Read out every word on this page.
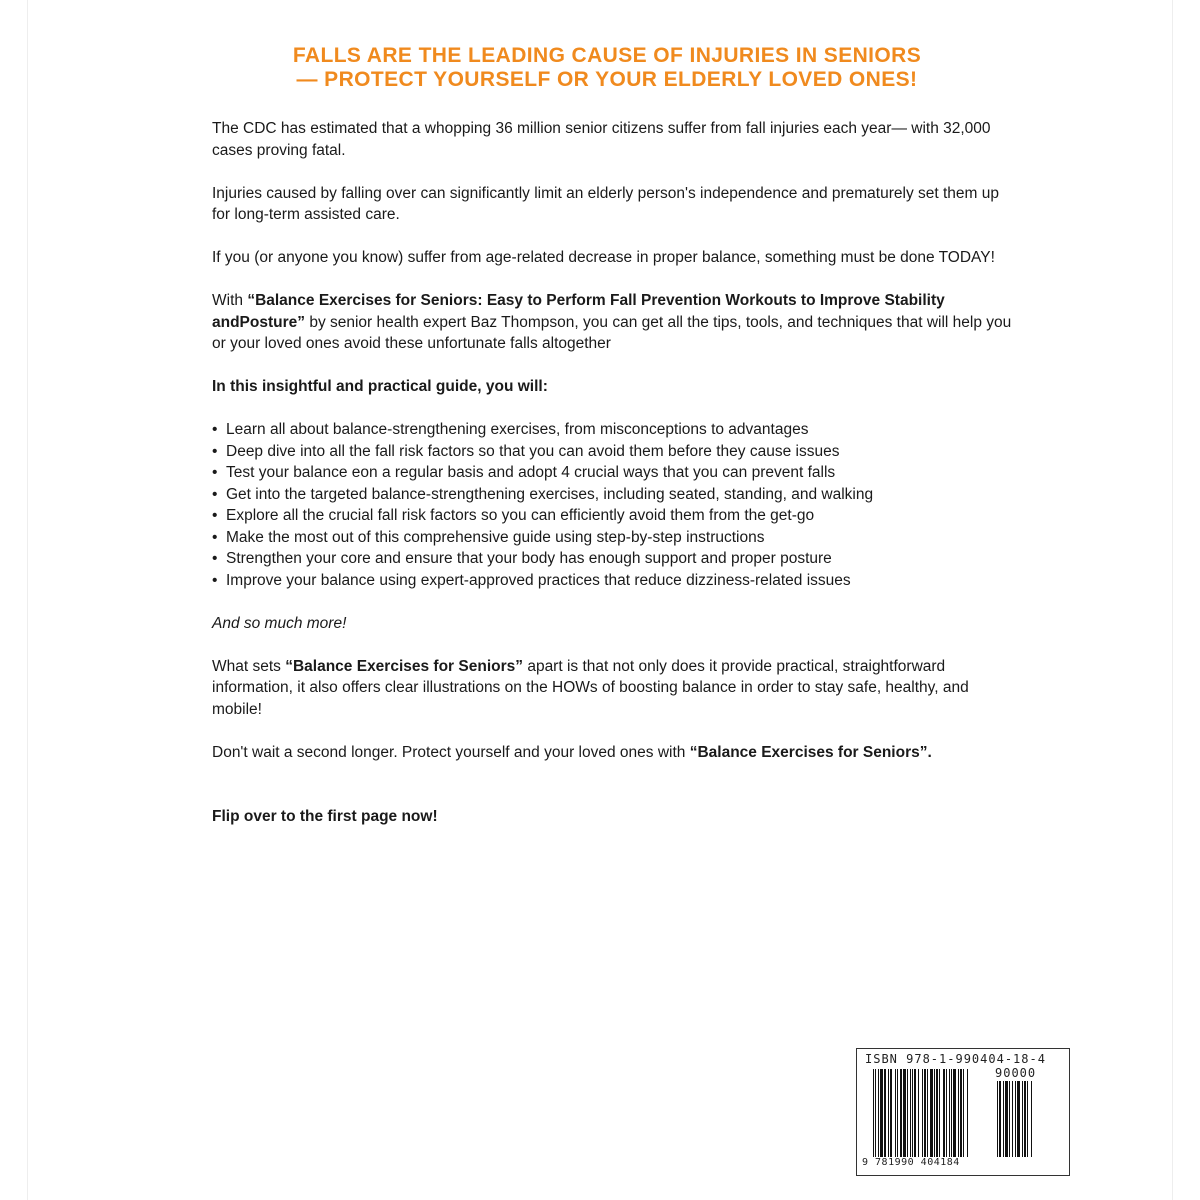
FALLS ARE THE LEADING CAUSE OF INJURIES IN SENIORS
— PROTECT YOURSELF OR YOUR ELDERLY LOVED ONES!

The CDC has estimated that a whopping 36 million senior citizens suffer from fall injuries each year— with 32,000 cases proving fatal.

Injuries caused by falling over can significantly limit an elderly person's independence and prematurely set them up for long-term assisted care.

If you (or anyone you know) suffer from age-related decrease in proper balance, something must be done TODAY!

With “Balance Exercises for Seniors: Easy to Perform Fall Prevention Workouts to Improve Stability andPosture” by senior health expert Baz Thompson, you can get all the tips, tools, and techniques that will help you or your loved ones avoid these unfortunate falls altogether

In this insightful and practical guide, you will:

• Learn all about balance-strengthening exercises, from misconceptions to advantages
• Deep dive into all the fall risk factors so that you can avoid them before they cause issues
• Test your balance eon a regular basis and adopt 4 crucial ways that you can prevent falls
• Get into the targeted balance-strengthening exercises, including seated, standing, and walking
• Explore all the crucial fall risk factors so you can efficiently avoid them from the get-go
• Make the most out of this comprehensive guide using step-by-step instructions
• Strengthen your core and ensure that your body has enough support and proper posture
• Improve your balance using expert-approved practices that reduce dizziness-related issues

And so much more!

What sets “Balance Exercises for Seniors” apart is that not only does it provide practical, straightforward information, it also offers clear illustrations on the HOWs of boosting balance in order to stay safe, healthy, and mobile!

Don't wait a second longer. Protect yourself and your loved ones with “Balance Exercises for Seniors”.

Flip over to the first page now!

ISBN 978-1-990404-18-4
90000
9 781990 404184
